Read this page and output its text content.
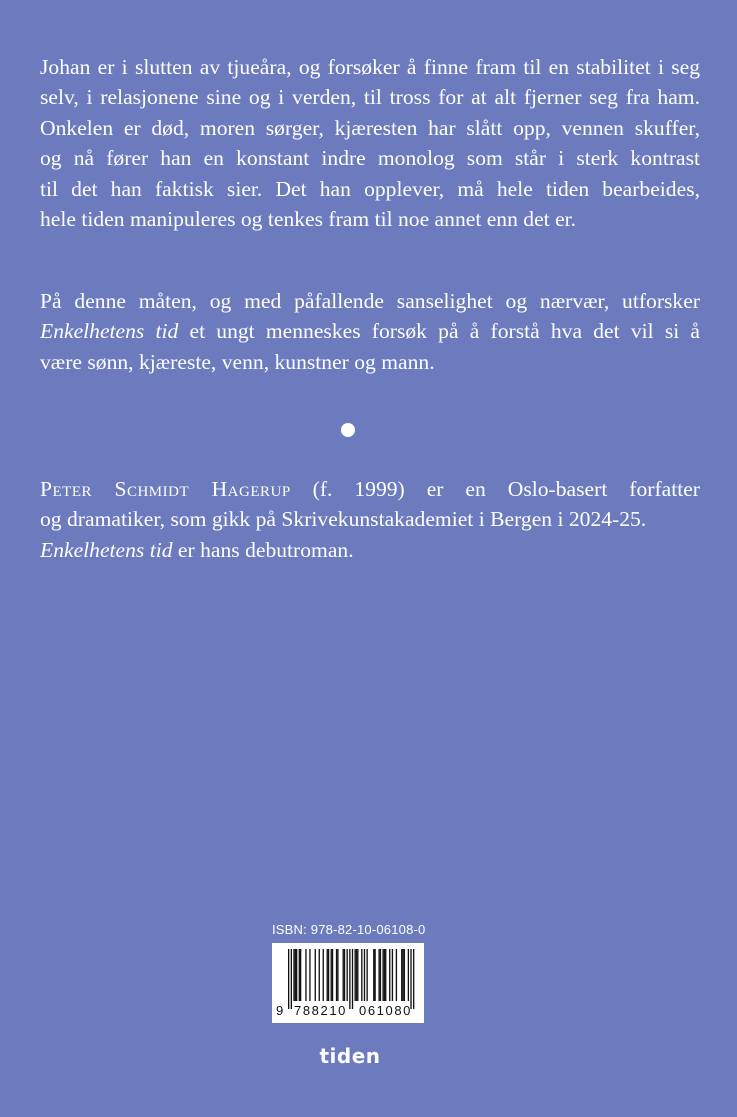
Johan er i slutten av tjueåra, og forsøker å finne fram til en stabilitet i seg
selv, i relasjonene sine og i verden, til tross for at alt fjerner seg fra ham.
Onkelen er død, moren sørger, kjæresten har slått opp, vennen skuffer,
og nå fører han en konstant indre monolog som står i sterk kontrast
til det han faktisk sier. Det han opplever, må hele tiden bearbeides,
hele tiden manipuleres og tenkes fram til noe annet enn det er.
På denne måten, og med påfallende sanselighet og nærvær, utforsker
Enkelhetens tid et ungt menneskes forsøk på å forstå hva det vil si å
være sønn, kjæreste, venn, kunstner og mann.
Peter Schmidt Hagerup (f. 1999) er en Oslo-basert forfatter
og dramatiker, som gikk på Skrivekunstakademiet i Bergen i 2024-25.
Enkelhetens tid er hans debutroman.
ISBN: 978-82-10-06108-0
9 788210 061080
tiden
